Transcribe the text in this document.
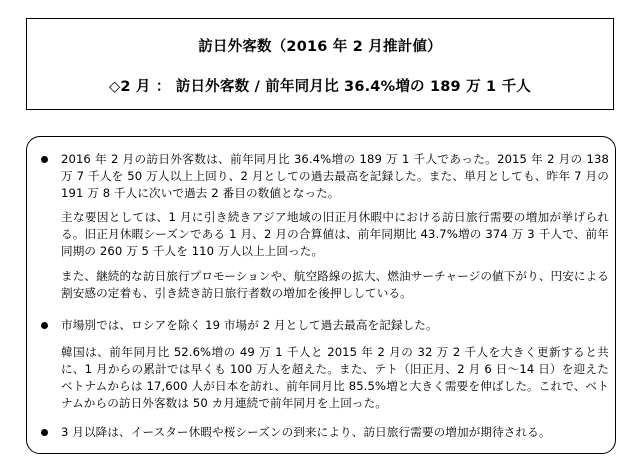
訪日外客数（2016 年 2 月推計値）
◇2 月 ： 訪日外客数 / 前年同月比 36.4%増の 189 万 1 千人
2016 年 2 月の訪日外客数は、前年同月比 36.4%増の 189 万 1 千人であった。2015 年 2 月の 138 万 7 千人を 50 万人以上上回り、2 月としての過去最高を記録した。また、単月としても、昨年 7 月の 191 万 8 千人に次いで過去 2 番目の数値となった。
主な要因としては、1 月に引き続きアジア地域の旧正月休暇中における訪日旅行需要の増加が挙げられる。旧正月休暇シーズンである 1 月、2 月の合算値は、前年同期比 43.7%増の 374 万 3 千人で、前年同期の 260 万 5 千人を 110 万人以上上回った。
また、継続的な訪日旅行プロモーションや、航空路線の拡大、燃油サーチャージの値下がり、円安による割安感の定着も、引き続き訪日旅行者数の増加を後押ししている。
市場別では、ロシアを除く 19 市場が 2 月として過去最高を記録した。
韓国は、前年同月比 52.6%増の 49 万 1 千人と 2015 年 2 月の 32 万 2 千人を大きく更新すると共に、1 月からの累計では早くも 100 万人を超えた。また、テト（旧正月、2 月 6 日～14 日）を迎えたベトナムからは 17,600 人が日本を訪れ、前年同月比 85.5%増と大きく需要を伸ばした。これで、ベトナムからの訪日外客数は 50 カ月連続で前年同月を上回った。
3 月以降は、イースター休暇や桜シーズンの到来により、訪日旅行需要の増加が期待される。
